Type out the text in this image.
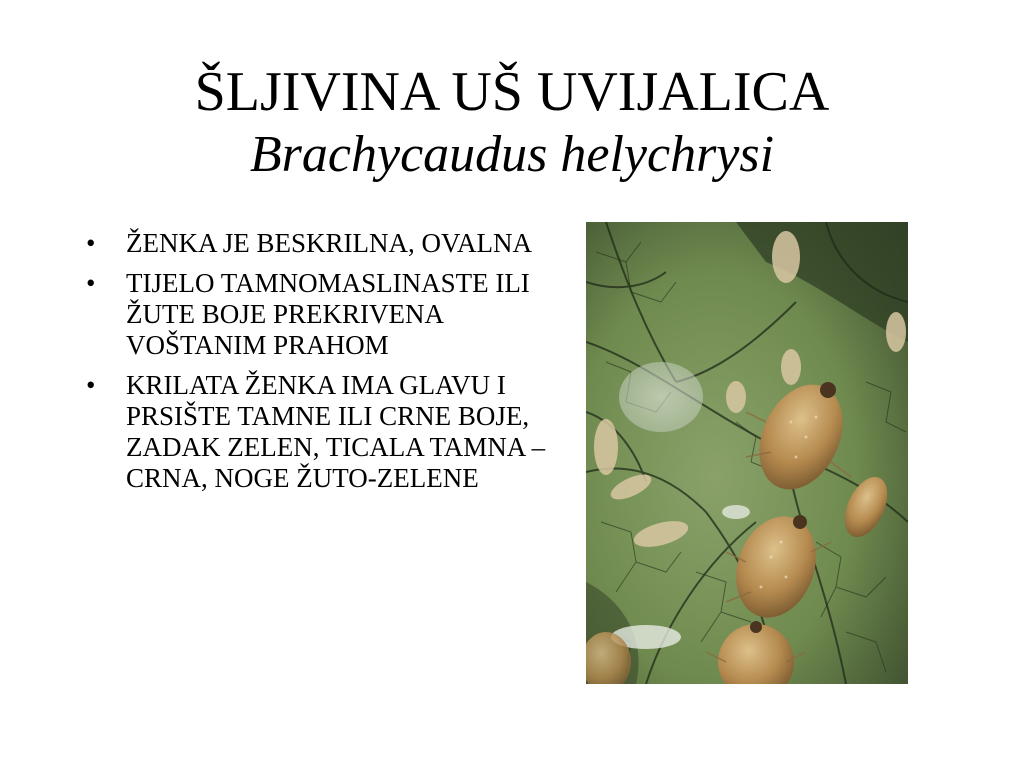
ŠLJIVINA UŠ UVIJALICA
Brachycaudus helychrysi
•	ŽENKA JE BESKRILNA, OVALNA
•	TIJELO TAMNOMASLINASTE ILI ŽUTE BOJE PREKRIVENA VOŠTANIM PRAHOM
•	KRILATA ŽENKA IMA GLAVU I PRSIŠTE TAMNE ILI CRNE BOJE, ZADAK ZELEN, TICALA TAMNA – CRNA, NOGE ŽUTO-ZELENE
